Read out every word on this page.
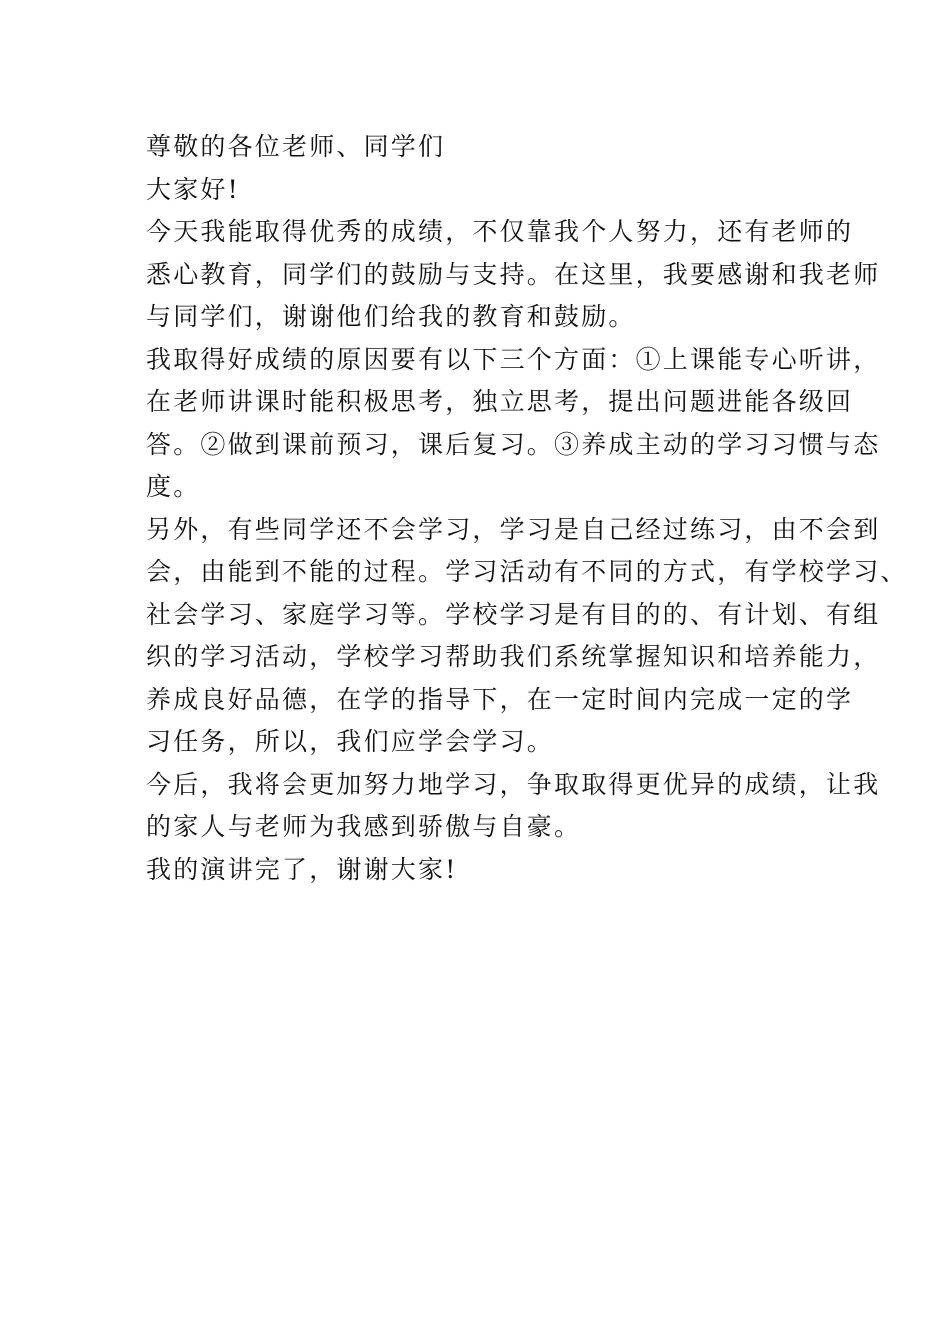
尊敬的各位老师、同学们
大家好!
今天我能取得优秀的成绩，不仅靠我个人努力，还有老师的
悉心教育，同学们的鼓励与支持。在这里，我要感谢和我老师
与同学们，谢谢他们给我的教育和鼓励。
我取得好成绩的原因要有以下三个方面：①上课能专心听讲，
在老师讲课时能积极思考，独立思考，提出问题进能各级回
答。②做到课前预习，课后复习。③养成主动的学习习惯与态
度。
另外，有些同学还不会学习，学习是自己经过练习，由不会到
会，由能到不能的过程。学习活动有不同的方式，有学校学习、
社会学习、家庭学习等。学校学习是有目的的、有计划、有组
织的学习活动，学校学习帮助我们系统掌握知识和培养能力，
养成良好品德，在学的指导下，在一定时间内完成一定的学
习任务，所以，我们应学会学习。
今后，我将会更加努力地学习，争取取得更优异的成绩，让我
的家人与老师为我感到骄傲与自豪。
我的演讲完了，谢谢大家!
